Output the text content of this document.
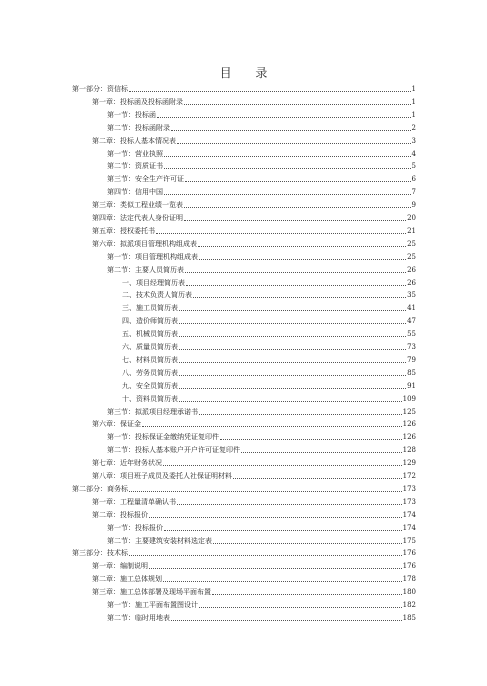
目 录
第一部分：资信标	1
第一章：投标函及投标函附录	1
第一节：投标函	1
第二节：投标函附录	2
第二章：投标人基本情况表	3
第一节：营业执照	4
第二节：资质证书	5
第三节：安全生产许可证	6
第四节：信用中国	7
第三章：类似工程业绩一览表	9
第四章：法定代表人身份证明	20
第五章：授权委托书	21
第六章：拟派项目管理机构组成表	25
第一节：项目管理机构组成表	25
第二节：主要人员简历表	26
一、项目经理简历表	26
二、技术负责人简历表	35
三、施工员简历表	41
四、造价师简历表	47
五、机械员简历表	55
六、质量员简历表	73
七、材料员简历表	79
八、劳务员简历表	85
九、安全员简历表	91
十、资料员简历表	109
第三节：拟派项目经理承诺书	125
第六章：保证金	126
第一节：投标保证金缴纳凭证复印件	126
第二节：投标人基本账户开户许可证复印件	128
第七章：近年财务状况	129
第八章：项目班子成员及委托人社保证明材料	172
第二部分：商务标	173
第一章：工程量清单确认书	173
第二章：投标报价	174
第一节：投标报价	174
第二节：主要建筑安装材料选定表	175
第三部分：技术标	176
第一章：编制说明	176
第二章：施工总体规划	178
第三章：施工总体部署及现场平面布置	180
第一节：施工平面布置图设计	182
第二节：临时用地表	185
